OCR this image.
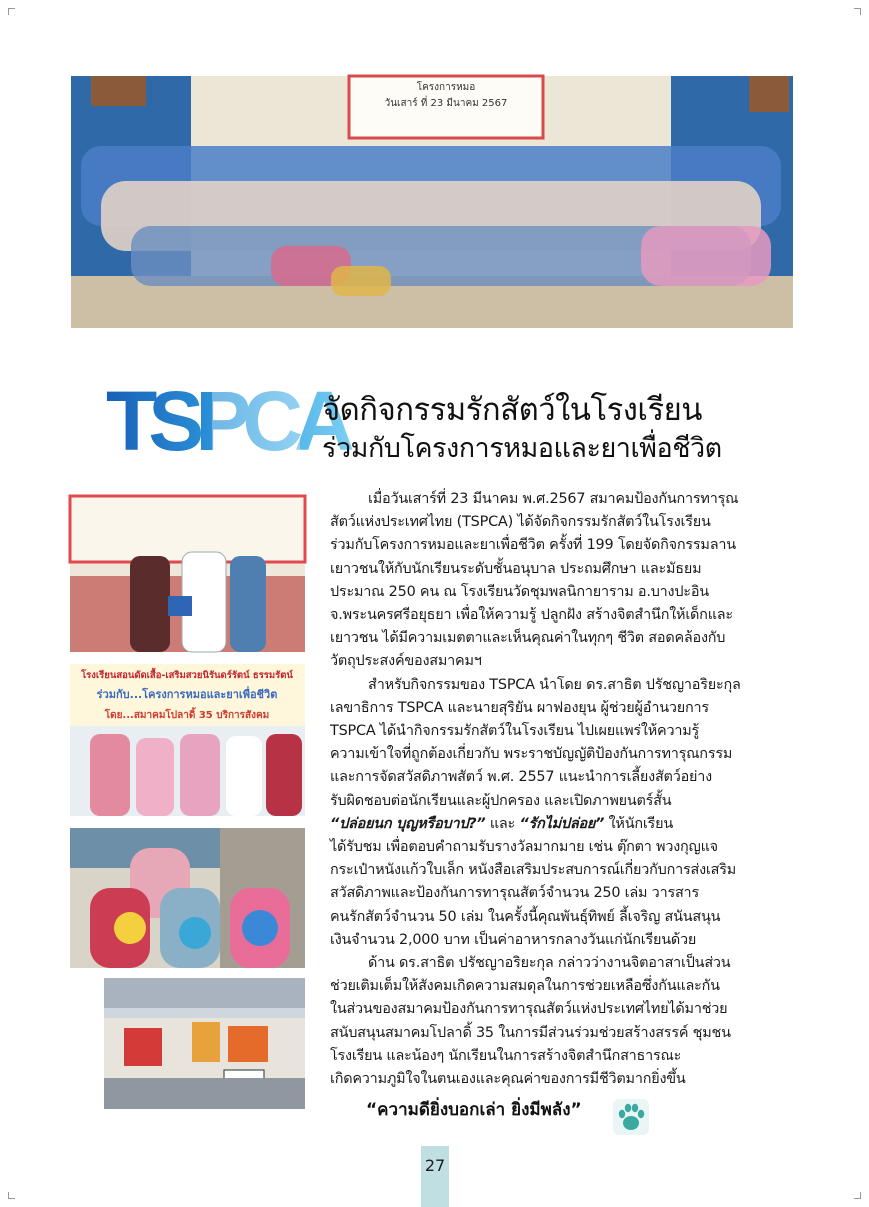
โครงการหมอ
วันเสาร์ ที่ 23 มีนาคม 2567
TSPCA
จัดกิจกรรมรักสัตว์ในโรงเรียน
ร่วมกับโครงการหมอและยาเพื่อชีวิต
โรงเรียนสอนดัดเสื้อ-เสริมสวยนิรันดร์รัตน์ ธรรมรัตน์
ร่วมกับ...โครงการหมอและยาเพื่อชีวิต
โดย...สมาคมโปลาดิ้ 35 บริการสังคม

เมื่อวันเสาร์ที่ 23 มีนาคม พ.ศ.2567 สมาคมป้องกันการทารุณ
สัตว์แห่งประเทศไทย (TSPCA) ได้จัดกิจกรรมรักสัตว์ในโรงเรียน
ร่วมกับโครงการหมอและยาเพื่อชีวิต ครั้งที่ 199 โดยจัดกิจกรรมลาน
เยาวชนให้กับนักเรียนระดับชั้นอนุบาล ประถมศึกษา และมัธยม
ประมาณ 250 คน ณ โรงเรียนวัดชุมพลนิกายาราม อ.บางปะอิน
จ.พระนครศรีอยุธยา เพื่อให้ความรู้ ปลูกฝัง สร้างจิตสำนึกให้เด็กและ
เยาวชน ได้มีความเมตตาและเห็นคุณค่าในทุกๆ ชีวิต สอดคล้องกับ
วัตถุประสงค์ของสมาคมฯ

สำหรับกิจกรรมของ TSPCA นำโดย ดร.สาธิต ปรัชญาอริยะกุล
เลขาธิการ TSPCA และนายสุริยัน ผาฟองยุน ผู้ช่วยผู้อำนวยการ
TSPCA ได้นำกิจกรรมรักสัตว์ในโรงเรียน ไปเผยแพร่ให้ความรู้
ความเข้าใจที่ถูกต้องเกี่ยวกับ พระราชบัญญัติป้องกันการทารุณกรรม
และการจัดสวัสดิภาพสัตว์ พ.ศ. 2557 แนะนำการเลี้ยงสัตว์อย่าง
รับผิดชอบต่อนักเรียนและผู้ปกครอง และเปิดภาพยนตร์สั้น
“ปล่อยนก บุญหรือบาป?” และ “รักไม่ปล่อย” ให้นักเรียน
ได้รับชม เพื่อตอบคำถามรับรางวัลมากมาย เช่น ตุ๊กตา พวงกุญแจ
กระเป๋าหนังแก้วใบเล็ก หนังสือเสริมประสบการณ์เกี่ยวกับการส่งเสริม
สวัสดิภาพและป้องกันการทารุณสัตว์จำนวน 250 เล่ม วารสาร
คนรักสัตว์จำนวน 50 เล่ม ในครั้งนี้คุณพันธุ์ทิพย์ ลี้เจริญ สนันสนุน
เงินจำนวน 2,000 บาท เป็นค่าอาหารกลางวันแก่นักเรียนด้วย

ด้าน ดร.สาธิต ปรัชญาอริยะกุล กล่าวว่างานจิตอาสาเป็นส่วน
ช่วยเติมเต็มให้สังคมเกิดความสมดุลในการช่วยเหลือซึ่งกันและกัน
ในส่วนของสมาคมป้องกันการทารุณสัตว์แห่งประเทศไทยได้มาช่วย
สนับสนุนสมาคมโปลาดิ้ 35 ในการมีส่วนร่วมช่วยสร้างสรรค์ ชุมชน
โรงเรียน และน้องๆ นักเรียนในการสร้างจิตสำนึกสาธารณะ
เกิดความภูมิใจในตนเองและคุณค่าของการมีชีวิตมากยิ่งขึ้น

“ความดียิ่งบอกเล่า ยิ่งมีพลัง”
27
